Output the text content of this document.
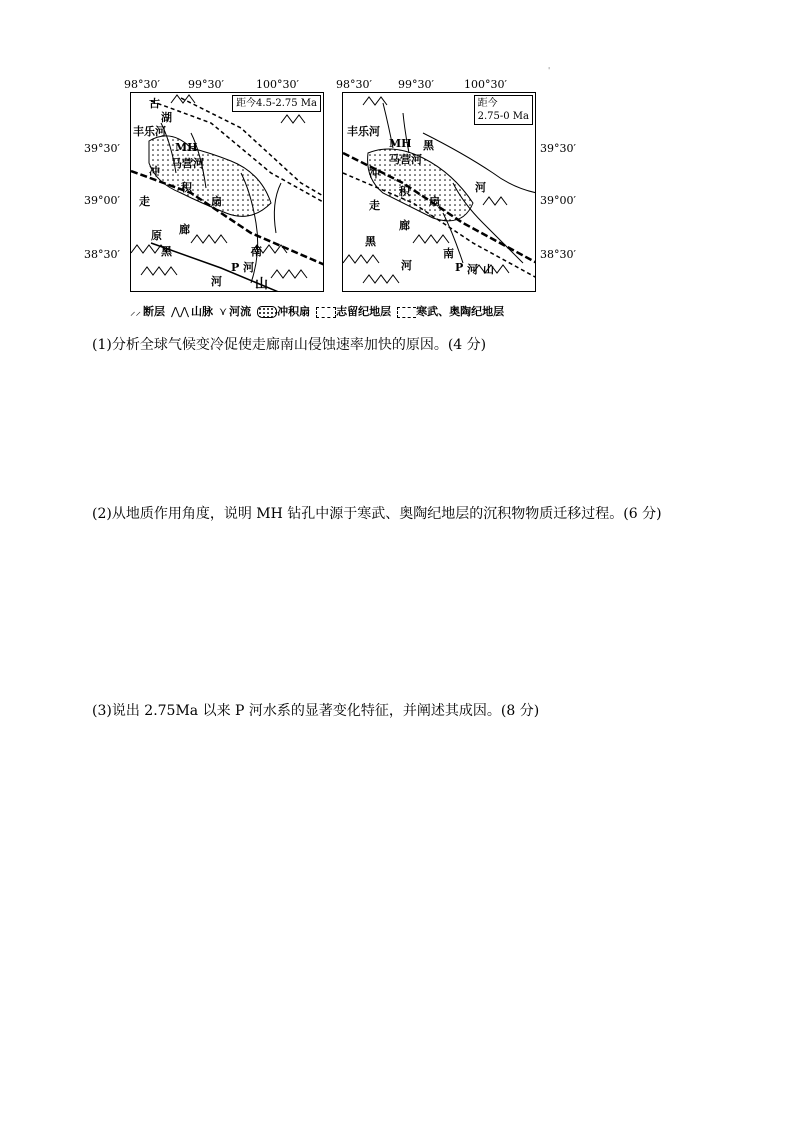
'
98°30′	99°30′	100°30′
39°30′
39°00′
38°30′
98°30′ 99°30′	100°30′
39°30′
39°00′
38°30′
距今4.5-2.75 Ma
古
湖
丰乐河
MH
马营河
冲
积
扇
走
廊
原
黑	南
P 河
河	山
距今
2.75-0 Ma
丰乐河
MH 黑
马营河
河
冲
积
扇
走
廊
黑
河
南
P 河 山
⸝⸝ 断层 ⋀⋀ 山脉 ⋎ 河流	冲积扇	志留纪地层	寒武、奥陶纪地层
(1)分析全球气候变冷促使走廊南山侵蚀速率加快的原因。(4 分)
(2)从地质作用角度，说明 MH 钻孔中源于寒武、奥陶纪地层的沉积物物质迁移过程。(6 分)
(3)说出 2.75Ma 以来 P 河水系的显著变化特征，并阐述其成因。(8 分)
